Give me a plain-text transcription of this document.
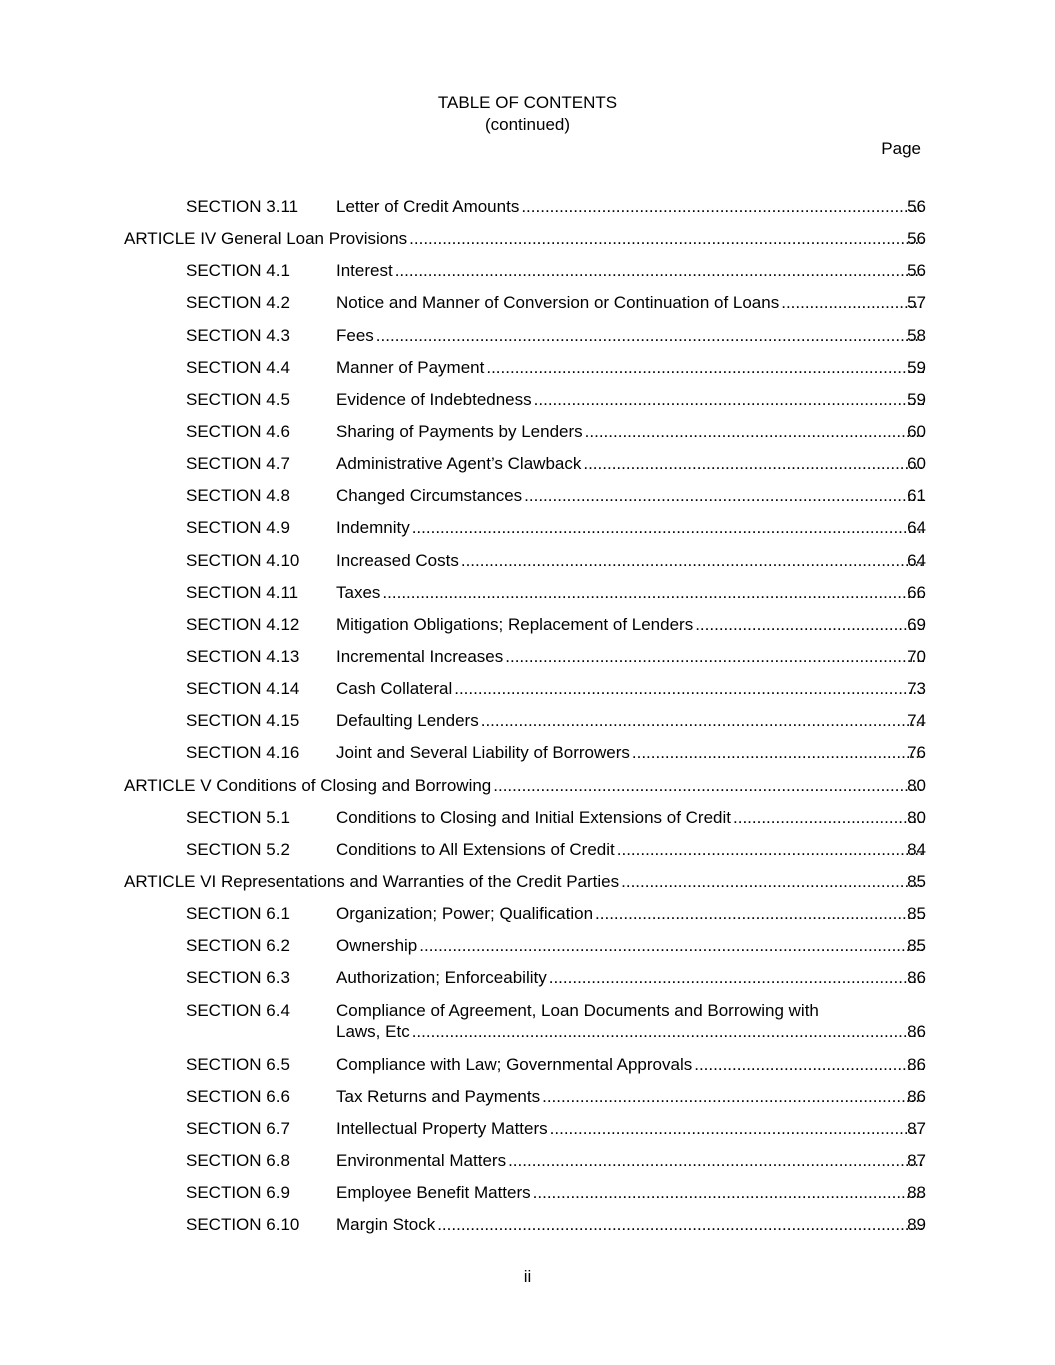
TABLE OF CONTENTS
(continued)
Page
SECTION 3.11 Letter of Credit Amounts .....	56
ARTICLE IV General Loan Provisions .....	56
SECTION 4.1	Interest .....	56
SECTION 4.2	Notice and Manner of Conversion or Continuation of Loans .....	57
SECTION 4.3	Fees .....	58
SECTION 4.4	Manner of Payment .....	59
SECTION 4.5	Evidence of Indebtedness .....	59
SECTION 4.6	Sharing of Payments by Lenders .....	60
SECTION 4.7	Administrative Agent’s Clawback .....	60
SECTION 4.8	Changed Circumstances .....	61
SECTION 4.9	Indemnity .....	64
SECTION 4.10 Increased Costs .....	64
SECTION 4.11 Taxes .....	66
SECTION 4.12 Mitigation Obligations; Replacement of Lenders .....	69
SECTION 4.13 Incremental Increases .....	70
SECTION 4.14 Cash Collateral .....	73
SECTION 4.15 Defaulting Lenders .....	74
SECTION 4.16 Joint and Several Liability of Borrowers .....	76
ARTICLE V Conditions of Closing and Borrowing .....	80
SECTION 5.1	Conditions to Closing and Initial Extensions of Credit .....	80
SECTION 5.2	Conditions to All Extensions of Credit .....	84
ARTICLE VI Representations and Warranties of the Credit Parties .....	85
SECTION 6.1	Organization; Power; Qualification .....	85
SECTION 6.2	Ownership .....	85
SECTION 6.3	Authorization; Enforceability .....	86
SECTION 6.4	Compliance of Agreement, Loan Documents and Borrowing with
Laws, Etc .....	86
SECTION 6.5	Compliance with Law; Governmental Approvals .....	86
SECTION 6.6	Tax Returns and Payments .....	86
SECTION 6.7	Intellectual Property Matters .....	87
SECTION 6.8	Environmental Matters .....	87
SECTION 6.9	Employee Benefit Matters .....	88
SECTION 6.10 Margin Stock .....	89
ii
